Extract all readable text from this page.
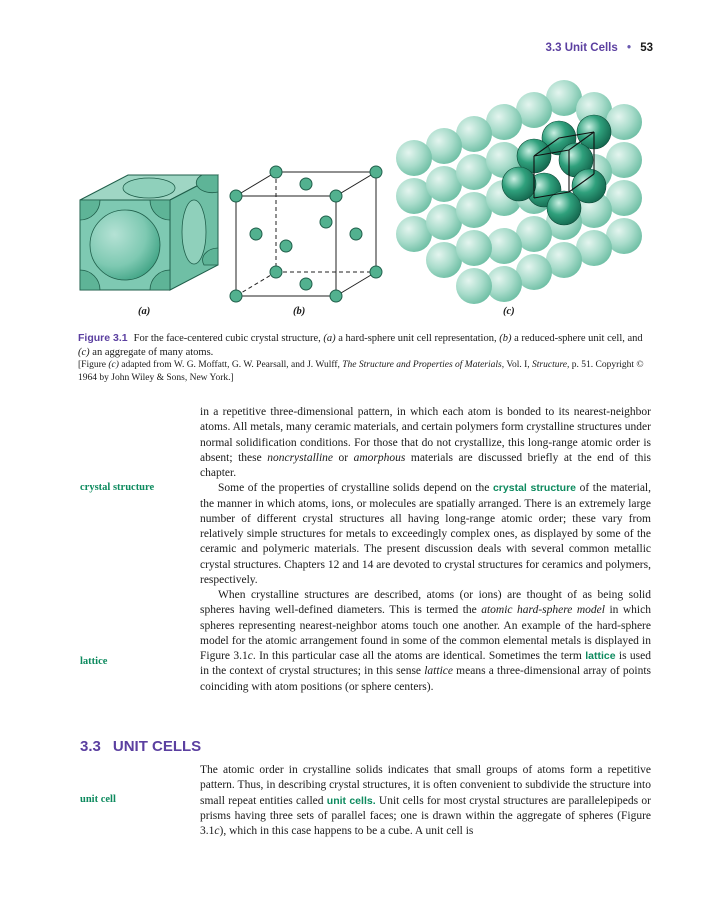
3.3 Unit Cells • 53
(a)	(b)	(c)
Figure 3.1 For the face-centered cubic crystal structure, (a) a hard-sphere unit cell representation, (b) a reduced-sphere unit cell, and (c) an aggregate of many atoms.
[Figure (c) adapted from W. G. Moffatt, G. W. Pearsall, and J. Wulff, The Structure and Properties of Materials, Vol. I, Structure, p. 51. Copyright © 1964 by John Wiley & Sons, New York.]

in a repetitive three-dimensional pattern, in which each atom is bonded to its nearest-neighbor atoms. All metals, many ceramic materials, and certain polymers form crystalline structures under normal solidification conditions. For those that do not crystallize, this long-range atomic order is absent; these noncrystalline or amorphous materials are discussed briefly at the end of this chapter.

Some of the properties of crystalline solids depend on the crystal structure of the material, the manner in which atoms, ions, or molecules are spatially arranged. There is an extremely large number of different crystal structures all having long-range atomic order; these vary from relatively simple structures for metals to exceedingly complex ones, as displayed by some of the ceramic and polymeric materials. The present discussion deals with several common metallic crystal structures. Chapters 12 and 14 are devoted to crystal structures for ceramics and polymers, respectively.

When crystalline structures are described, atoms (or ions) are thought of as being solid spheres having well-defined diameters. This is termed the atomic hard-sphere model in which spheres representing nearest-neighbor atoms touch one another. An example of the hard-sphere model for the atomic arrangement found in some of the common elemental metals is displayed in Figure 3.1c. In this particular case all the atoms are identical. Sometimes the term lattice is used in the context of crystal structures; in this sense lattice means a three-dimensional array of points coinciding with atom positions (or sphere centers).

crystal structure
lattice
3.3 UNIT CELLS

The atomic order in crystalline solids indicates that small groups of atoms form a repetitive pattern. Thus, in describing crystal structures, it is often convenient to subdivide the structure into small repeat entities called unit cells. Unit cells for most crystal structures are parallelepipeds or prisms having three sets of parallel faces; one is drawn within the aggregate of spheres (Figure 3.1c), which in this case happens to be a cube. A unit cell is

unit cell
